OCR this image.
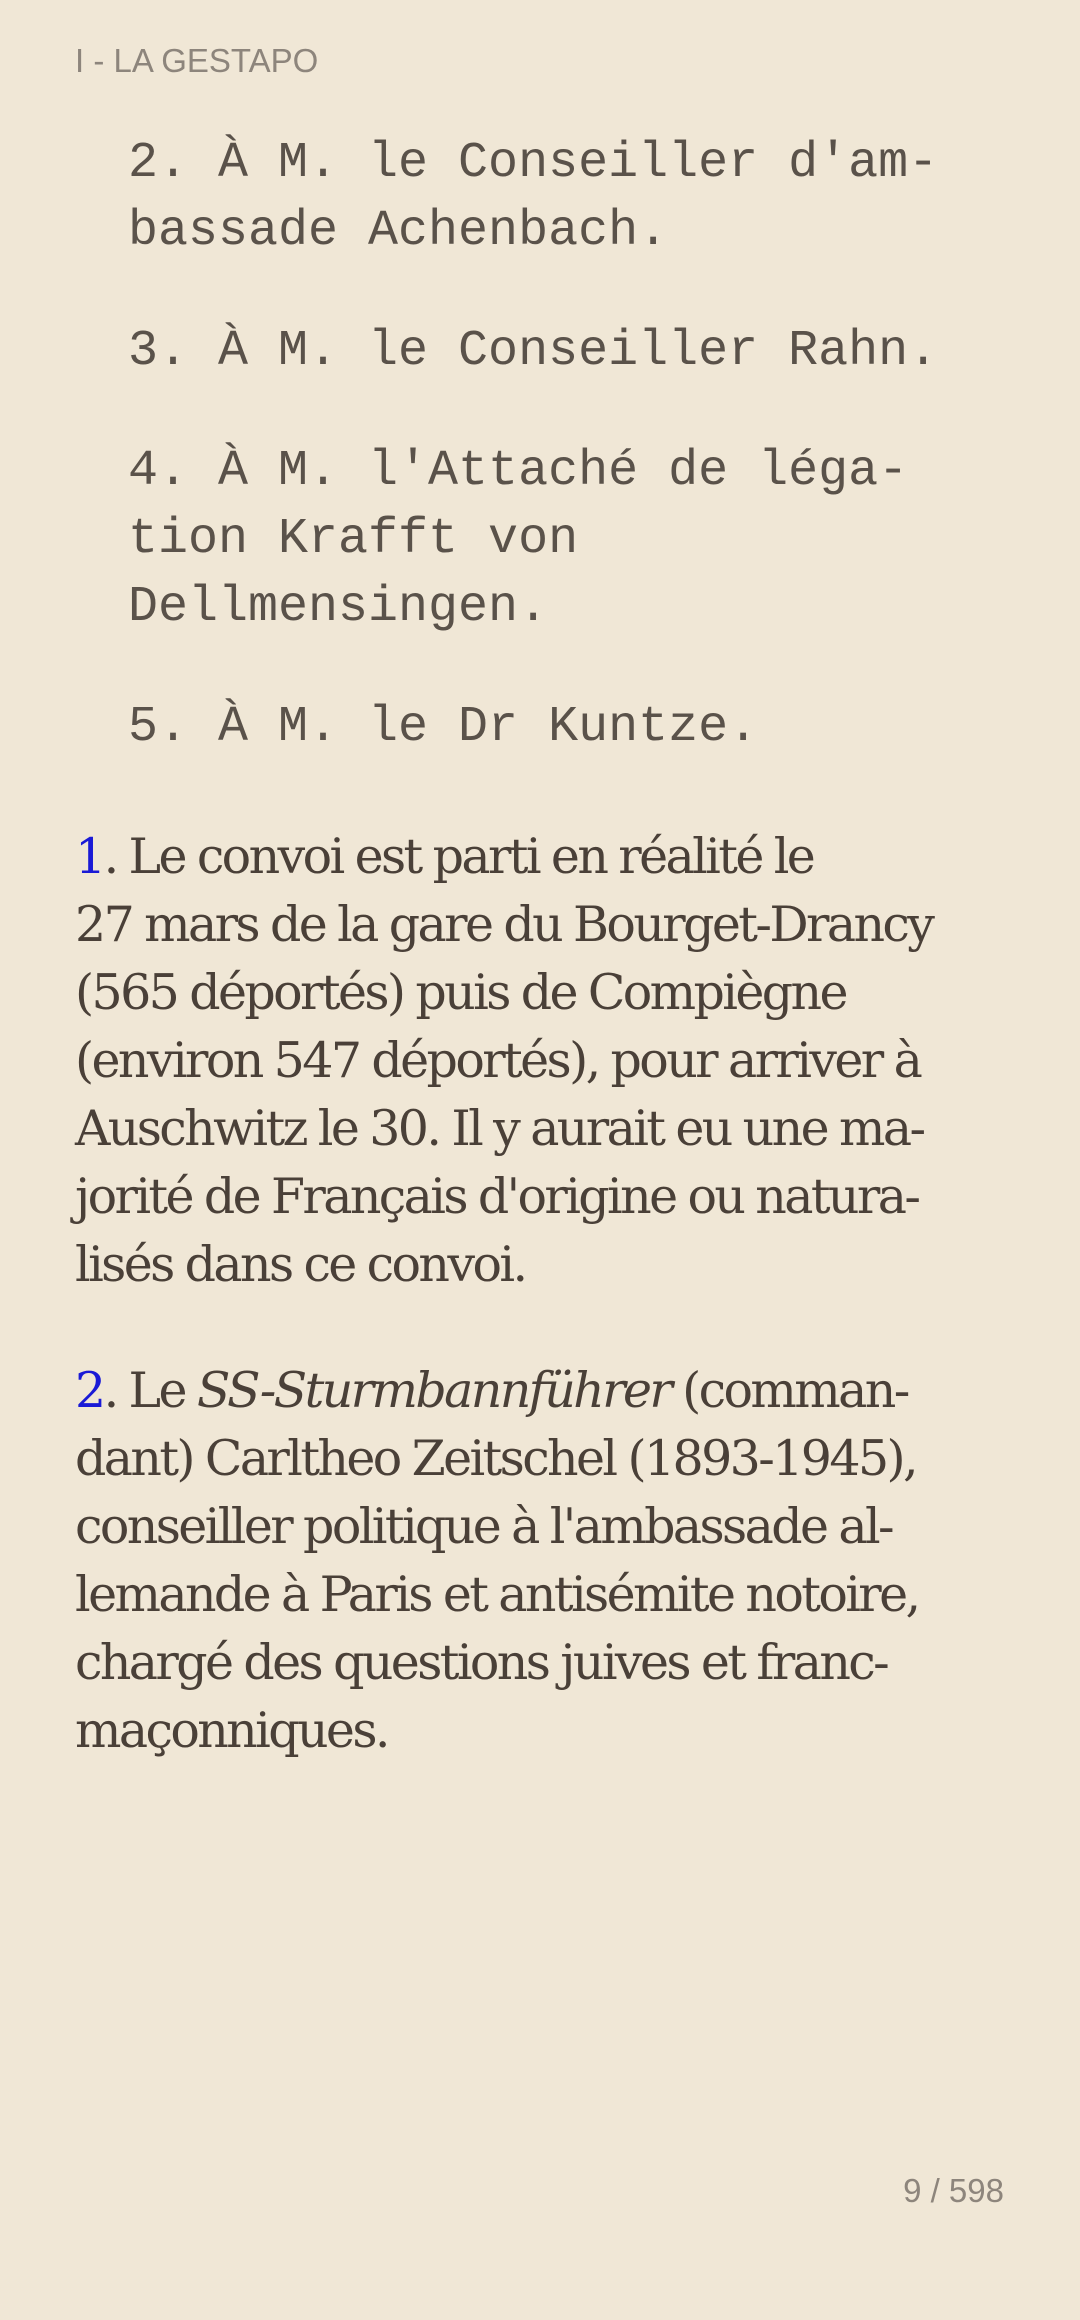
I - LA GESTAPO

2. À M. le Conseiller d'am-
bassade Achenbach.

3. À M. le Conseiller Rahn.

4. À M. l'Attaché de léga-
tion Krafft von
Dellmensingen.

5. À M. le Dr Kuntze.

1. Le convoi est parti en réalité le
27 mars de la gare du Bourget-Drancy
(565 déportés) puis de Compiègne
(environ 547 déportés), pour arriver à
Auschwitz le 30. Il y aurait eu une ma-
jorité de Français d'origine ou natura-
lisés dans ce convoi.

2. Le SS-Sturmbannführer (comman-
dant) Carltheo Zeitschel (1893-1945),
conseiller politique à l'ambassade al-
lemande à Paris et antisémite notoire,
chargé des questions juives et franc-
maçonniques.

9 / 598
